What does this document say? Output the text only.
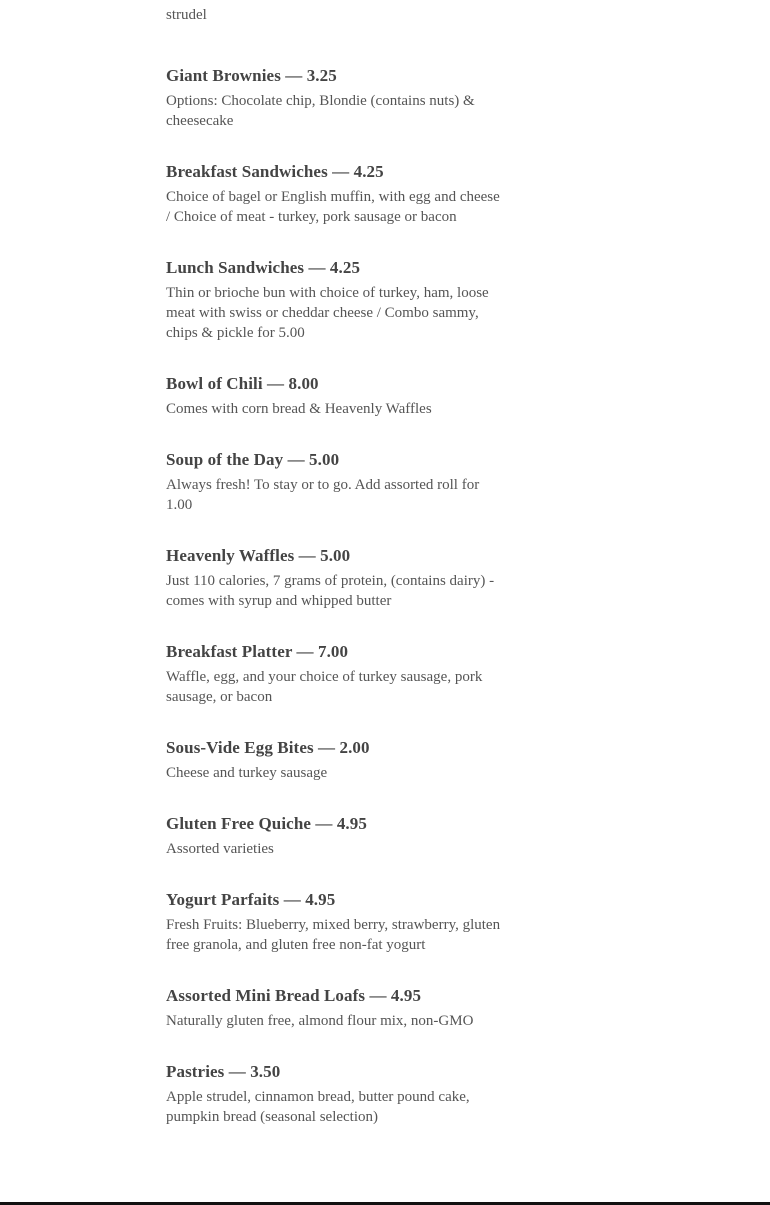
strudel

Giant Brownies — 3.25

Options: Chocolate chip, Blondie (contains nuts) & cheesecake

Breakfast Sandwiches — 4.25

Choice of bagel or English muffin, with egg and cheese / Choice of meat - turkey, pork sausage or bacon

Lunch Sandwiches — 4.25

Thin or brioche bun with choice of turkey, ham, loose meat with swiss or cheddar cheese / Combo sammy, chips & pickle for 5.00

Bowl of Chili — 8.00

Comes with corn bread & Heavenly Waffles

Soup of the Day — 5.00

Always fresh! To stay or to go. Add assorted roll for 1.00

Heavenly Waffles — 5.00

Just 110 calories, 7 grams of protein, (contains dairy) - comes with syrup and whipped butter

Breakfast Platter — 7.00

Waffle, egg, and your choice of turkey sausage, pork sausage, or bacon

Sous-Vide Egg Bites — 2.00

Cheese and turkey sausage

Gluten Free Quiche — 4.95

Assorted varieties

Yogurt Parfaits — 4.95

Fresh Fruits: Blueberry, mixed berry, strawberry, gluten free granola, and gluten free non-fat yogurt

Assorted Mini Bread Loafs — 4.95

Naturally gluten free, almond flour mix, non-GMO

Pastries — 3.50

Apple strudel, cinnamon bread, butter pound cake, pumpkin bread (seasonal selection)
